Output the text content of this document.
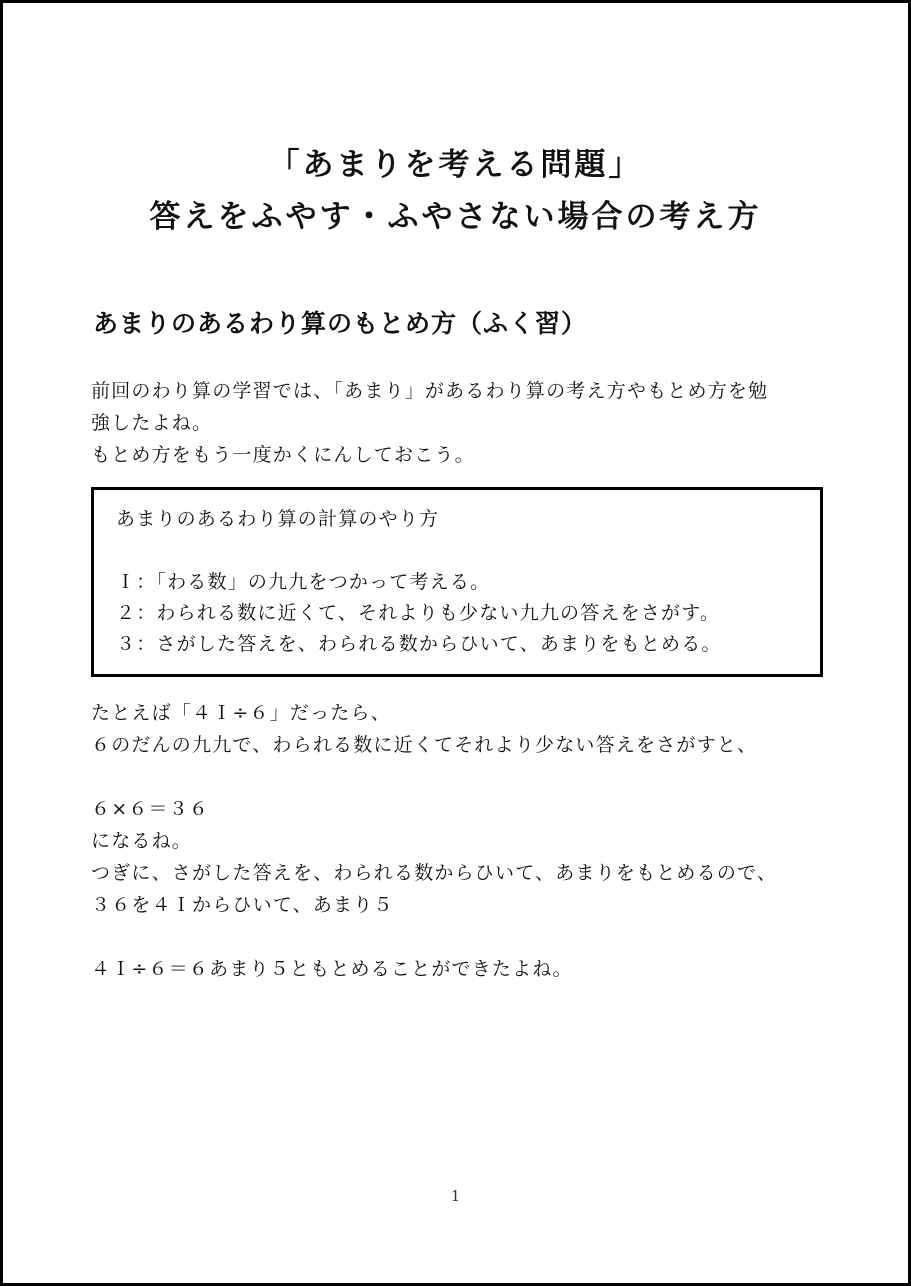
「あまりを考える問題」
答えをふやす・ふやさない場合の考え方
あまりのあるわり算のもとめ方（ふく習）
前回のわり算の学習では、「あまり」があるわり算の考え方やもとめ方を勉
強したよね。
もとめ方をもう一度かくにんしておこう。
あまりのあるわり算の計算のやり方
Ｉ：「わる数」の九九をつかって考える。
２：わられる数に近くて、それよりも少ない九九の答えをさがす。
３：さがした答えを、わられる数からひいて、あまりをもとめる。
たとえば「４Ｉ÷６」だったら、
６のだんの九九で、わられる数に近くてそれより少ない答えをさがすと、
６×６＝３６
になるね。
つぎに、さがした答えを、わられる数からひいて、あまりをもとめるので、
３６を４Ｉからひいて、あまり５
４Ｉ÷６＝６あまり５ともとめることができたよね。
1
